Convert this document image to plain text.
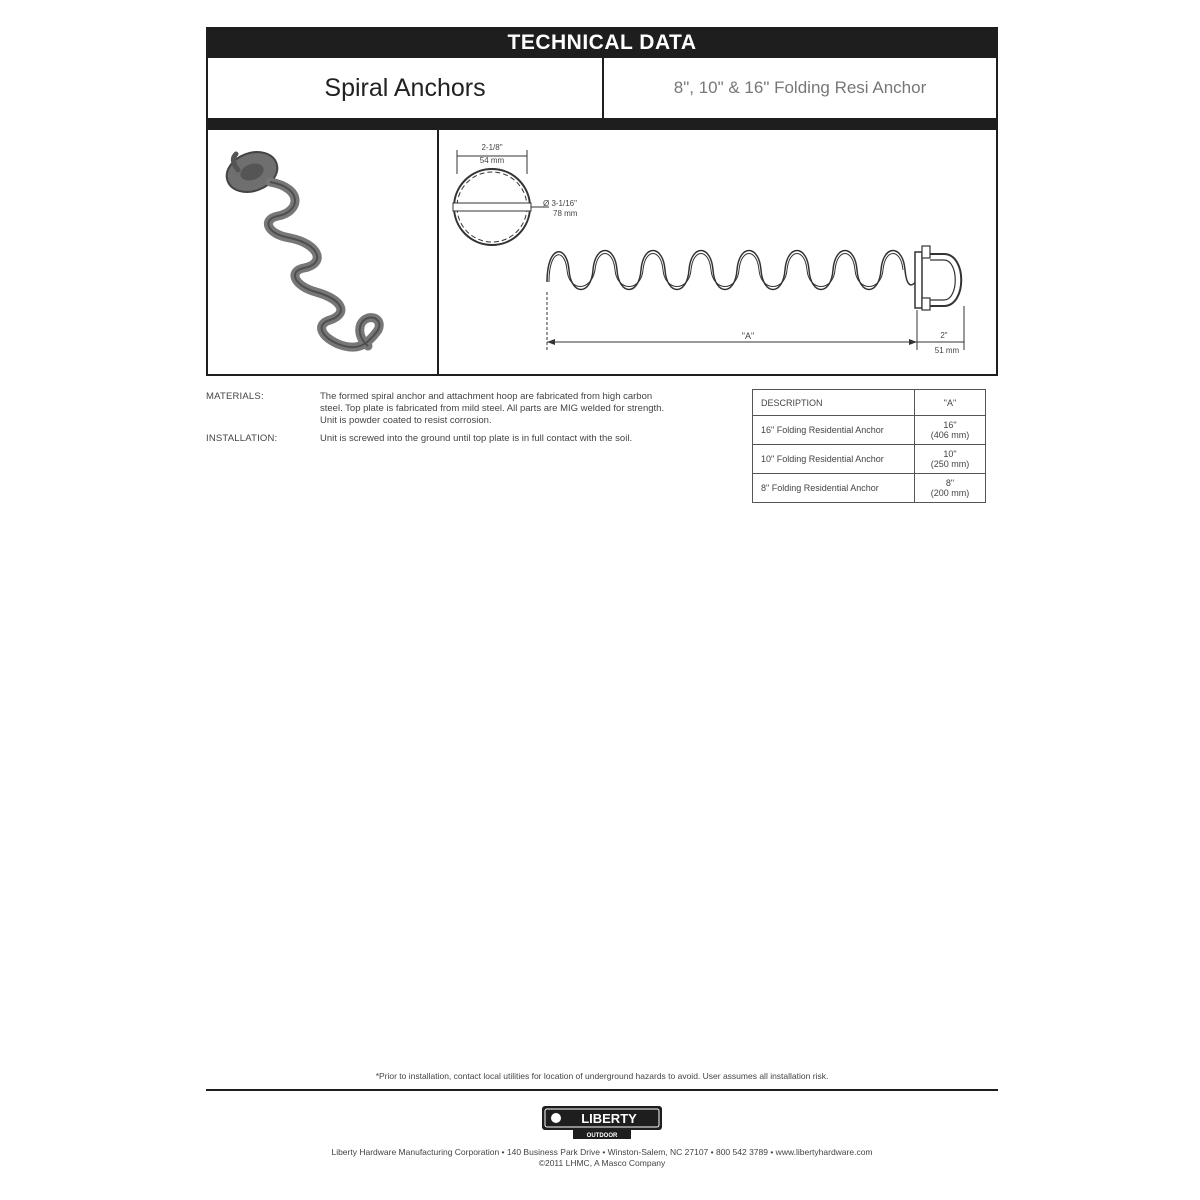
TECHNICAL DATA
Spiral Anchors	8", 10" & 16" Folding Resi Anchor
2-1/8"
54 mm
Ø 3-1/16"
78 mm
"A"	2"
51 mm
MATERIALS:	The formed spiral anchor and attachment hoop are fabricated from high carbon
steel. Top plate is fabricated from mild steel. All parts are MIG welded for strength.
Unit is powder coated to resist corrosion.
INSTALLATION:	Unit is screwed into the ground until top plate is in full contact with the soil.
DESCRIPTION	"A"
16" Folding Residential Anchor	16"
(406 mm)

10" Folding Residential Anchor	10"
(250 mm)

8" Folding Residential Anchor	8"
(200 mm)
*Prior to installation, contact local utilities for location of underground hazards to avoid. User assumes all installation risk.
LIBERTY
OUTDOOR
Liberty Hardware Manufacturing Corporation • 140 Business Park Drive • Winston-Salem, NC 27107 • 800 542 3789 • www.libertyhardware.com
©2011 LHMC, A Masco Company
